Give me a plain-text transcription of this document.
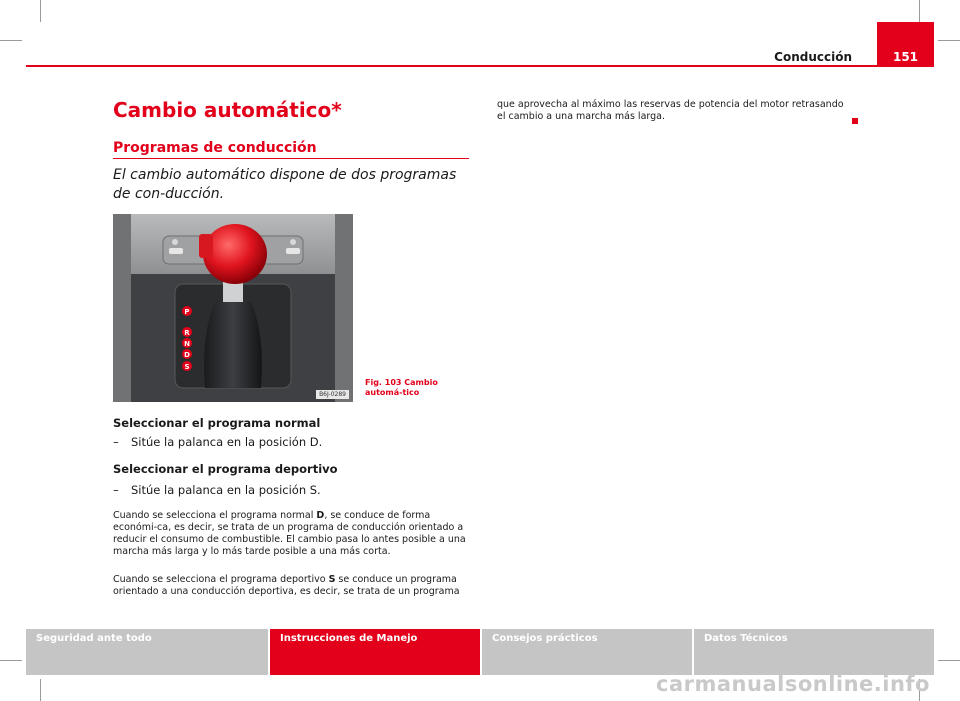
Conducción	151
Cambio automático*
Programas de conducción
El cambio automático dispone de dos programas de con-ducción.
P
R
N
D
S
B6J-0289
Fig. 103 Cambio automá-tico
Seleccionar el programa normal
– Sitúe la palanca en la posición D.
Seleccionar el programa deportivo
– Sitúe la palanca en la posición S.
Cuando se selecciona el programa normal D, se conduce de forma económi-ca, es decir, se trata de un programa de conducción orientado a reducir el consumo de combustible. El cambio pasa lo antes posible a una marcha más larga y lo más tarde posible a una más corta.
Cuando se selecciona el programa deportivo S se conduce un programa orientado a una conducción deportiva, es decir, se trata de un programa
que aprovecha al máximo las reservas de potencia del motor retrasando el cambio a una marcha más larga.
Seguridad ante todo	Instrucciones de Manejo	Consejos prácticos	Datos Técnicos
carmanualsonline.info
